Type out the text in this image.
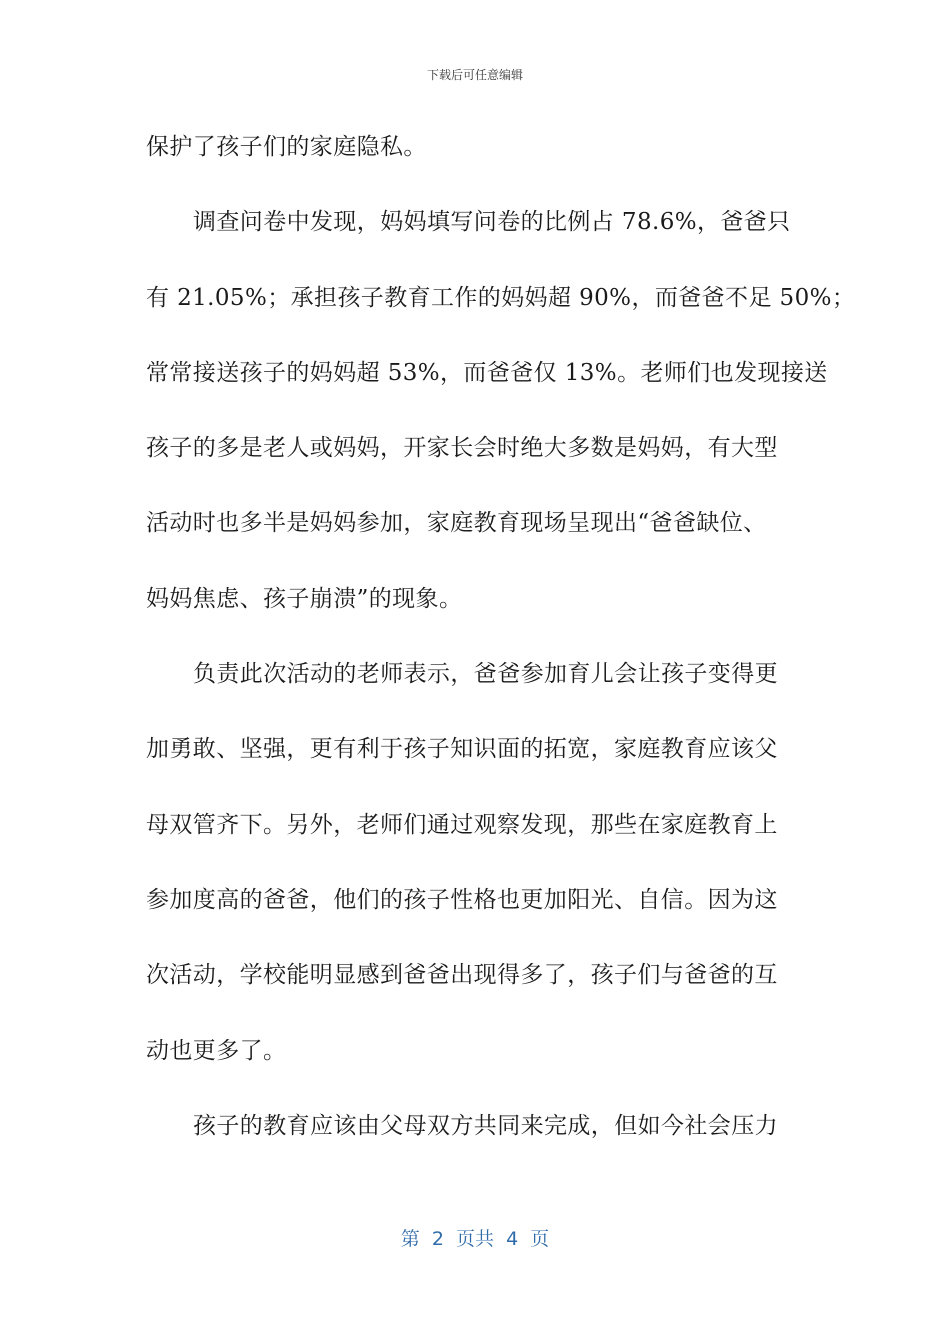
下载后可任意编辑
保护了孩子们的家庭隐私。
调查问卷中发现，妈妈填写问卷的比例占 78.6%，爸爸只
有 21.05%；承担孩子教育工作的妈妈超 90%，而爸爸不足 50%；
常常接送孩子的妈妈超 53%，而爸爸仅 13%。老师们也发现接送
孩子的多是老人或妈妈，开家长会时绝大多数是妈妈，有大型
活动时也多半是妈妈参加，家庭教育现场呈现出“爸爸缺位、
妈妈焦虑、孩子崩溃”的现象。
负责此次活动的老师表示，爸爸参加育儿会让孩子变得更
加勇敢、坚强，更有利于孩子知识面的拓宽，家庭教育应该父
母双管齐下。另外，老师们通过观察发现，那些在家庭教育上
参加度高的爸爸，他们的孩子性格也更加阳光、自信。因为这
次活动，学校能明显感到爸爸出现得多了，孩子们与爸爸的互
动也更多了。
孩子的教育应该由父母双方共同来完成，但如今社会压力
第  2  页共  4  页
